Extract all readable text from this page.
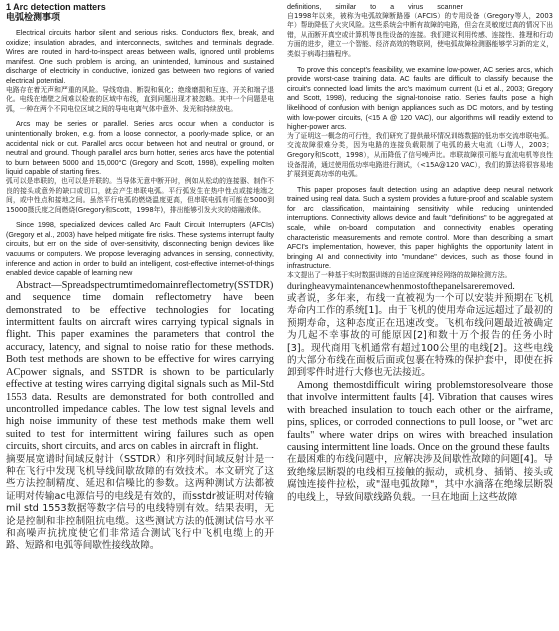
1 Arc detection matters
电弧检测事项

Electrical circuits harbor silent and serious risks. Conductors flex, break, and oxidize; insulation abrades, and interconnects, switches and terminals degrade. Wires are routed in hard-to-inspect areas between walls, ignored until problems manifest. One such problem is arcing, an unintended, luminous and sustained discharge of electricity in conductive, ionized gas between two regions of varied electrical potential.

电路存在着无声和严重的风险。导线弯曲、断裂和氧化；绝缘磨损和互连、开关和端子退化。电线在墙壁之间难以检查的区域中布线，直到问题出现才被忽略。其中一个问题是电弧，一种在两个不同电位区域之间的导电电离气体中意外、发光和持续放电。

Arcs may be series or parallel. Series arcs occur when a conductor is unintentionally broken, e.g. from a loose connector, a poorly-made splice, or an accidental nick or cut. Parallel arcs occur between hot and neutral or ground, or neutral and ground. Though parallel arcs burn hotter, series arcs have the potential to burn between 5000 and 15,000°C (Gregory and Scott, 1998), expelling molten liquid capable of starting fires.

弧可以是串联的，也可以是并联的。当导体无意中断开时，例如从松动的连接器、制作不良的接头或意外的缺口或切口，就会产生串联电弧。平行弧发生在热中性点或接地端之间，或中性点和接地之间。虽然平行电弧的燃烧温度更高，但串联电弧有可能在5000到15000摄氏度之间燃烧(Gregory和Scott，1998年)，排出能够引发火灾的熔融液体。

Since 1998, specialized devices called Arc Fault Circuit Interrupters (AFCIs) (Gregory et al., 2003) have helped mitigate fire risks. These systems interrupt faulty circuits, but err on the side of over-sensitivity, disconnecting benign devices like vacuums or computers. We propose leveraging advances in sensing, connectivity, inference and action in order to build an intelligent, cost-effective internet-of-things enabled device capable of learning new

Abstract—Spreadspectrumtimedomainreflectometry(SSTDR) and sequence time domain reflectometry have been demonstrated to be effective technologies for locating intermittent faults on aircraft wires carrying typical signals in flight. This paper examines the parameters that control the accuracy, latency, and signal to noise ratio for these methods. Both test methods are shown to be effective for wires carrying ACpower signals, and SSTDR is shown to be particularly effective at testing wires carrying digital signals such as Mil-Std 1553 data. Results are demonstrated for both controlled and uncontrolled impedance cables. The low test signal levels and high noise immunity of these test methods make them well suited to test for intermittent wiring failures such as open circuits, short circuits, and arcs on cables in aircraft in flight.

摘要展宽谱时间域反射计（SSTDR）和序列时间域反射计是一种在飞行中发现飞机导线间歇故障的有效技术。本文研究了这些方法控制精度、延迟和信噪比的参数。这两种测试方法都被证明对传输ac电源信号的电线是有效的，而sstdr被证明对传输mil std 1553数据等数字信号的电线特别有效。结果表明，无论是控制和非控制阻抗电缆。这些测试方法的低测试信号水平和高噪声抗扰度使它们非常适合测试飞行中飞机电缆上的开路、短路和电弧等间歇性接线故障。

definitions, similar to a virus scanner

自1998年以来，被称为电弧故障断路器（AFCIS）的专用设备（Gregory等人，2003年）帮助降低了火灾风险。这些系统会中断有故障的电路，但会在灵敏度过高的情况下出错，从而断开真空或计算机等良性设备的连接。我们建议利用传感、连接性、推理和行动方面的进步，建立一个智能、经济高效的物联网，使电弧故障检测器能够学习新的定义，类似于病毒扫描程序。

To prove this concept's feasibility, we examine low-power, AC series arcs, which provide worst-case training data. AC faults are difficult to classify because the circuit's connected load limits the arc's maximum current (Li et al., 2003; Gregory and Scott, 1998), reducing the signal-tonoise ratio. Series faults pose a high likelihood of confusion with benign appliances such as DC motors, and by testing with low-power circuits, (<15 A @ 120 VAC), our algorithms will readily extend to higher-power arcs.

为了证明这一概念的可行性，我们研究了提供最坏情况训练数据的低功率交流串联电弧。交流故障很难分类，因为电路的连接负载限制了电弧的最大电流（Li等人，2003；Gregory和Scott，1998），从而降低了信号噪声比。串联故障很可能与直流电机等良性设备混淆，通过使用低功率电路进行测试，（<15A@120 VAC），我们的算法将很容易地扩展到更高功率的电弧。

This paper proposes fault detection using an adaptive deep neural network trained using real data. Such a system provides a future-proof and scalable system for arc classification, maintaining sensitivity while reducing unintended interruptions. Connectivity allows device and fault "definitions" to be aggregated at scale, while on-board computation and connectivity enables operating characteristic measurements and remote control. More than describing a smart AFCI's implementation, however, this paper highlights the opportunity latent in bringing AI and connectivity into "mundane" devices, such as those found in infrastructure.

本文提出了一种基于实时数据训练的自适应深度神经网络的故障检测方法。

duringheavymaintenancewhenmostofthepanelsareremoved.

或者说，多年来，布线一直被视为一个可以安装并预期在飞机寿命内工作的系统[1]。由于飞机的使用寿命远远超过了最初的预期寿命，这种态度正在迅速改变。飞机布线问题最近被确定为几起不幸事故的可能原因[2]和数十万个报告的任务小时[3]。现代商用飞机通常有超过100公里的电线[2]。这些电线的大部分布线在面板后面或包裹在特殊的保护套中，即使在拆卸到零件时进行大修也无法接近。

Among themostdifficult wiring problemstoresolveare those that involve intermittent faults [4]. Vibration that causes wires with breached insulation to touch each other or the airframe, pins, splices, or corroded connections to pull loose, or "wet arc faults" where water drips on wires with breached insulation causing intermittent line loads. Once on the ground these faults

在最困难的布线问题中，应解决涉及间歇性故障的问题[4]。导致绝缘层断裂的电线相互接触的振动，或机身、插销、接头或腐蚀连接件拉松，或"湿电弧故障"，其中水滴落在绝缘层断裂的电线上，导致间歇线路负载。一旦在地面上这些故障
